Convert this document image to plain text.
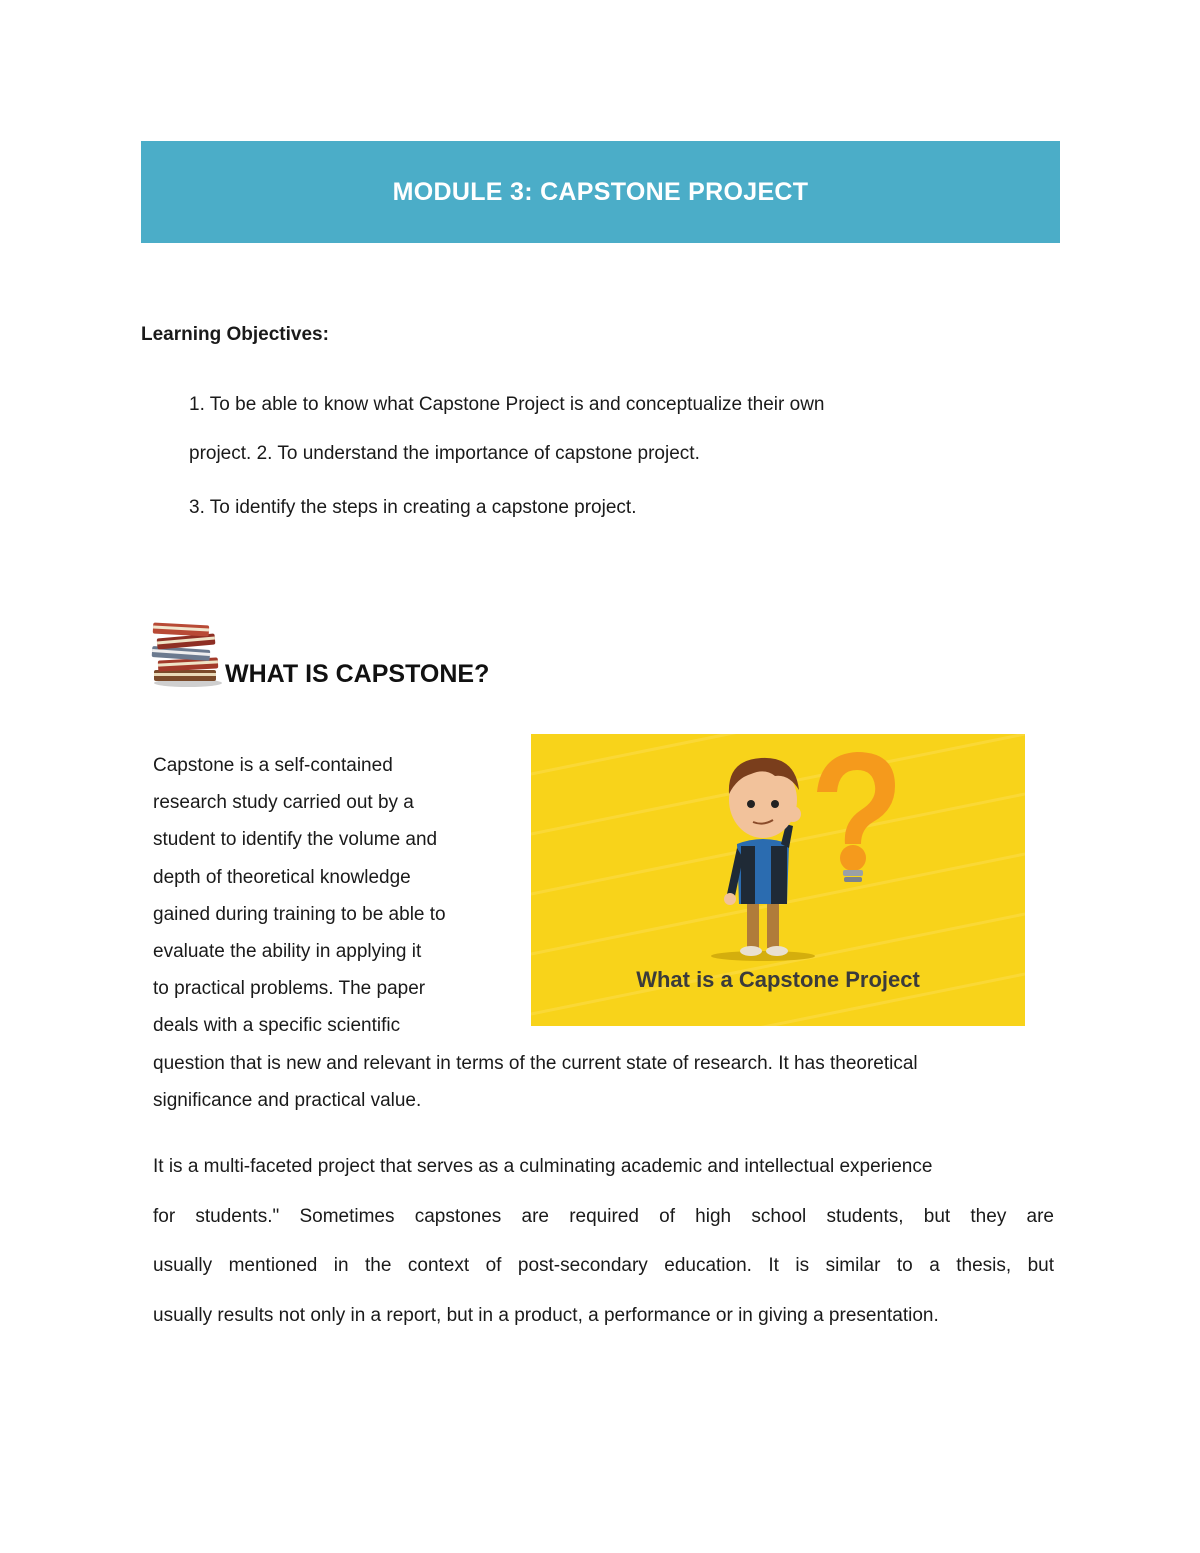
MODULE 3: CAPSTONE PROJECT

Learning Objectives:

1. To be able to know what Capstone Project is and conceptualize their own

project. 2. To understand the importance of capstone project.

3. To identify the steps in creating a capstone project.

WHAT IS CAPSTONE?
What is a Capstone Project

Capstone is a self-contained
research study carried out by a
student to identify the volume and
depth of theoretical knowledge
gained during training to be able to
evaluate the ability in applying it
to practical problems. The paper
deals with a specific scientific
question that is new and relevant in terms of the current state of research. It has theoretical
significance and practical value.

It is a multi-faceted project that serves as a culminating academic and intellectual experience
for students." Sometimes capstones are required of high school students, but they are
usually mentioned in the context of post-secondary education. It is similar to a thesis, but
usually results not only in a report, but in a product, a performance or in giving a presentation.
